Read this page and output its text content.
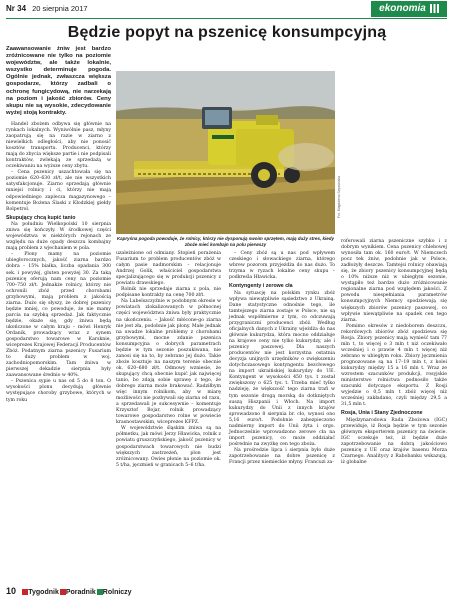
Nr 34 20 sierpnia 2017	ekonomia
Będzie popyt na pszenicę konsumpcyjną

Zaawansowanie żniw jest bardzo zróżnicowane nie tylko na poziomie województw, ale także lokalnie, wszystko determinuje pogoda. Ogólnie jednak, zwłaszcza większa gospodarze, którzy zadbali o ochronę fungicydową, nie narzekają na poziom i jakość zbiorów. Ceny skupu nie są wysokie, zdecydowanie wyżej stoją kontrakty.

Handel zbożem odbywa się głównie na rynkach lokalnych. Wyniwólnie pasz, młyny zaopatrują się na razie w ziarno z niewielkich odległości, aby nie ponosić kosztów transportu. Producenci, którzy mają do zbycia większe partie i nie podpisali kontraktów, zwlekają ze sprzedażą w oczekiwaniu na wyższe ceny zbytu.

– Cena pszenicy uszachtowała się na poziomie 620–630 zł/t, ale nie wszystkich satysfakcjonuje. Ziarno sprzedają głównie mniejsi rolnicy i ci, którzy nie mają odpowiedniego zaplecza magazynowego – komentuje Bożena Ślaski z Kłodzkiej giełdy Rolpetrol.

Skupujący chcą kupić tanio

Na południu Wielkopolski 10 sierpnia zniwa się kończyły. W środkowej części województwa w niektórych rejonach ze względu na duże opady deszczu kombajny mają problem z wjechaniem w pola.

– Plony mamy na poziomie ubiegłorocznych, jakość ziarna bardzo dobra – 15% białka, liczba opadania 300 sek. i powyżej, gluten powyżej 30. Za taką pszenicę oferują nam ceny na poziomie 700–750 zł/t. Jednakże rolnicy, którzy nie ochronili zbóż przed chorobami grzybowymi, mają problem z jakością ziarna. Dużo się słyszy, że dobrej pszenicy będzie mniej, co powoduje, że nie mamy parcia na szybką sprzedaż. Jak faktycznie będzie, okaże się, gdy żniwa będą ukończone w całym kraju – mówi Henryk Ordanik, prowadzący wraz z synem gospodarstwo towarowe w Karsknie, wiceprezes Krajowej Federacji Producentów Zbóż. Podatnym ziarna pszenicy Fusarium to duży problem w woj. zachodniopomorskim. Tam żniwa w pierwszej dekadzie sierpnia były zaawansowane średnio w 40%.

– Pszenica sypie u nas od 5 do 8 ton. O wysokości plonu decydują głównie występujące choroby grzybowe, których w tym roku

Fot. Magdalena Szymańska
Kapryśna pogoda powoduje, że rolnicy, którzy nie dysponują swoim sprzętem, mają duży stres, kiedy zboże mieć kombajn na polu pierwszy

uzależnione od odmiany. Stopień porażenia Fusarium to problem producentów zbóż w całym pasie nadmorskim – relacjonuje Andrzej Golik, właściciel gospodarstwa specjalizującego się w produkcji pszenicy z powiatu drawskiego.

Rolnik nie sprzedaje ziarna z pola, nie podpisane kontrakty na cenę 700 zł/t.

Na Lubelszczyźnie w podobnym okresie w powiatach zlokalizowanych w północnej części województwa żniwa były praktycznie na ukończeniu. – Jakość młócone-go ziarna nie jest zła, podobnie jak plony. Małe jednak na uwadze lokalne problemy z chorobami grzybowymi, mocne zdanie pszenica konsumpcyjna o dobrych parametrach będzie w tym sezonie poszukiwana, nie zanosi się na to, by zebrano jej dużo. Takie zboże kosztuje na naszym terenie obecnie ok. 620–680 zł/t. Odmowy wzniesie, że skupujący chcą obecnie kupić jak najwięcej tanio, bo zdają sobie sprawę z tego, że dobrego ziarna może brakować. Radziłbym więc innym rolnikom, aby w miarę możliwości nie pozbywali się ziarna od razu, a sprzedawali je sukcesywnie – komentuje Krzysztof Bojar, rolnik prowadzący towarowe gospodarstwo rolne w powiecie krasnostawskim, wiceprezes KFPZ.

W województwie śląskim żniwa są na półmetku, jak mówi Jerzy Hławicka, rolnik z powiatu gruszczyńskiego, jakość pszenicy w gospodarstwach towarowych nie budzi większych zastrzeżeń, plon jest zróżnicowany. Owies płonie na poziomie ok. 5 t/ha, jęczmień w granicach 5–6 t/ha.

– Ceny zbóż są u nas pod wpływem czeskiego i słowackiego ziarna, którego wbrew pozorom przyjeżdża do nas dużo. To trzyma w ryzach lokalne ceny skupu – podkreśla Hławicka.

Kontyngenty i zerowe cła

Na sytuację na polskim rynku zbóż wpływa niewątpliwie sąsiedztwo z Ukrainą. Dane statystyczne odnośnie tego, ile tamtejszego ziarna zostaje w Polsce, nie są jednak współmierne z tym, co odczuwają przygraniczni producenci zbóż. Według oficjalnych danych z Ukrainy wjeżdża do nas głównie kukurydza, która mocno oddziałuje na krajowe ceny nie tylko kukurydzy, ale i pszenicy paszowej. Dla naszych producentów nie jest korzystna ostatnia decyzja unijnych urzędników o zwiększeniu dotychczasowego kontyngentu bezcłowego na import ukraińskiej kukurydzy do UE. Kontyngent w wysokości 450 tys. t został zwiększony o 625 tys. t. Trzeba mieć tylko nadzieję, że większość tego ziarna trafi w tym sezonie drogą morską do dotkniętych suszą Hiszpanii i Włoch. Na import kukurydzy do Unii z innych krajów sprowadzono 8 sierpnia br. cło, wynosi ono 5,16 euro/t. Podobnie zabezpieczono nadmierny import do Unii żyta i orgo. Jednocześnie wprowadzono zerowe cła na import pszenicy, co może oddziałać pośrednio na zwyżkę cen tego zboża.

Na prośredzie lipca i sierpnia było duże zapotrzebowanie na dobre pszenicę z Francji przez niemieckie młyny. Francuzi za-

roferowali ziarna pszeniczne szybko i z dobrym wynikiem. Cena pszenicy chlebowej wynosiła tam ok. 160 euro/t. W Niemczech pocz tek żniw, podobnie jak w Polsce, zadłożyły deszcze. Tamtejsi rolnicy obawiają się, że zbiory pszenicy konsumpcyjnej będą o 10% niższe niż w ubiegłym sezonie, wystąpiło też bardzo dużo zróżnicowanie regionalne ziarna pod względem jakości. Z powodu niespełniania parametrów konsumpcyjnych Niemcy spodziewają się większych zbiorów pszenicy paszowej, co wpływie niewątpliwie na spadek cen tego ziarna.

Pomimo okresów z niedoborem deszczu, rekordowych zbiorów zbóż spodziewa się Rosja. Zbiory pszenicy mają wynieść tam 77 mln t, to więcej o 3 mln t niż oczekiwało wcześniej i o prawie 4 mln t więcej niż zebrano w ubiegłym roku. Zbiory jęczmienia prognozowane są na 17–19 mln t, z kolei kukurydzy między 15 a 16 mln t. Wraz ze wzrostem szacunków produkcji, rosyjskie ministerstwo rolnictwa podnosiło także szacunki dotyczące eksportu. Z Rosji wyjedzie o 0,5 mln t zbóż więcej niż wcześniej zakładano, czyli między 29,5 a 31,5 mln t.

Rosja, Unia i Stany Zjednoczone

Międzynarodowa Rada Zbożowa (IGC) przewiduje, iż Rosja będzie w tym sezonie głównym eksporterem pszenicy na świecie. IGC oczekuje też, iż będzie duże zapotrzebowanie na dobrą jakościowo pszenicę z UE oraz krajów basenu Morza Czarnego. Analitycy z Rabobanku wskazują, iż globalne

10 Tygodnik Poradnik Rolniczy
